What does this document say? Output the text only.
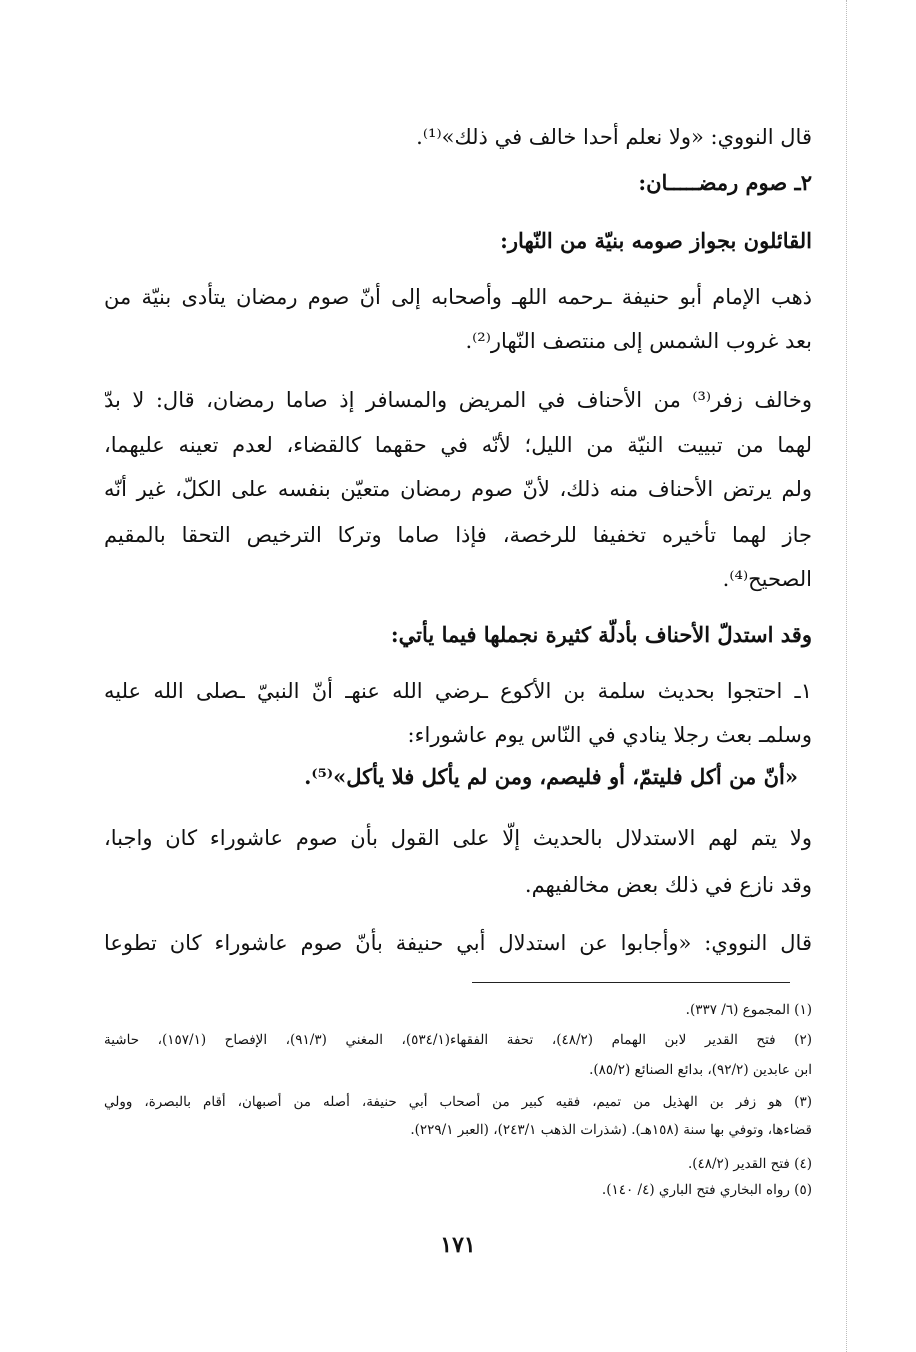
قال النووي: «ولا نعلم أحدا خالف في ذلك»⁽¹⁾.
٢ـ صوم رمضـــــان:
القائلون بجواز صومه بنيّة من النّهار:
ذهب الإمام أبو حنيفة ـرحمه اللهـ وأصحابه إلى أنّ صوم رمضان يتأدى بنيّة من
بعد غروب الشمس إلى منتصف النّهار⁽²⁾.
وخالف زفر⁽³⁾ من الأحناف في المريض والمسافر إذ صاما رمضان، قال: لا بدّ
لهما من تبييت النيّة من الليل؛ لأنّه في حقهما كالقضاء، لعدم تعينه عليهما،
ولم يرتض الأحناف منه ذلك، لأنّ صوم رمضان متعيّن بنفسه على الكلّ، غير أنّه
جاز لهما تأخيره تخفيفا للرخصة، فإذا صاما وتركا الترخيص التحقا بالمقيم
الصحيح⁽⁴⁾.
وقد استدلّ الأحناف بأدلّة كثيرة نجملها فيما يأتي:
١ـ احتجوا بحديث سلمة بن الأكوع ـرضي الله عنهـ أنّ النبيّ ـصلى الله عليه
وسلمـ بعث رجلا ينادي في النّاس يوم عاشوراء:
«أنّ من أكل فليتمّ، أو فليصم، ومن لم يأكل فلا يأكل»⁽⁵⁾.
ولا يتم لهم الاستدلال بالحديث إلّا على القول بأن صوم عاشوراء كان واجبا،
وقد نازع في ذلك بعض مخالفيهم.
قال النووي: «وأجابوا عن استدلال أبي حنيفة بأنّ صوم عاشوراء كان تطوعا
(١) المجموع (٦/ ٣٣٧).
(٢) فتح القدير لابن الهمام (٤٨/٢)، تحفة الفقهاء(٥٣٤/١)، المغني (٩١/٣)، الإفصاح (١٥٧/١)، حاشية
ابن عابدين (٩٢/٢)، بدائع الصنائع (٨٥/٢).
(٣) هو زفر بن الهذيل من تميم، فقيه كبير من أصحاب أبي حنيفة، أصله من أصبهان، أقام بالبصرة، وولي
قضاءها، وتوفي بها سنة (١٥٨هـ). (شذرات الذهب ٢٤٣/١)، (العبر ٢٢٩/١).
(٤) فتح القدير (٤٨/٢).
(٥) رواه البخاري فتح الباري (٤/ ١٤٠).
١٧١
